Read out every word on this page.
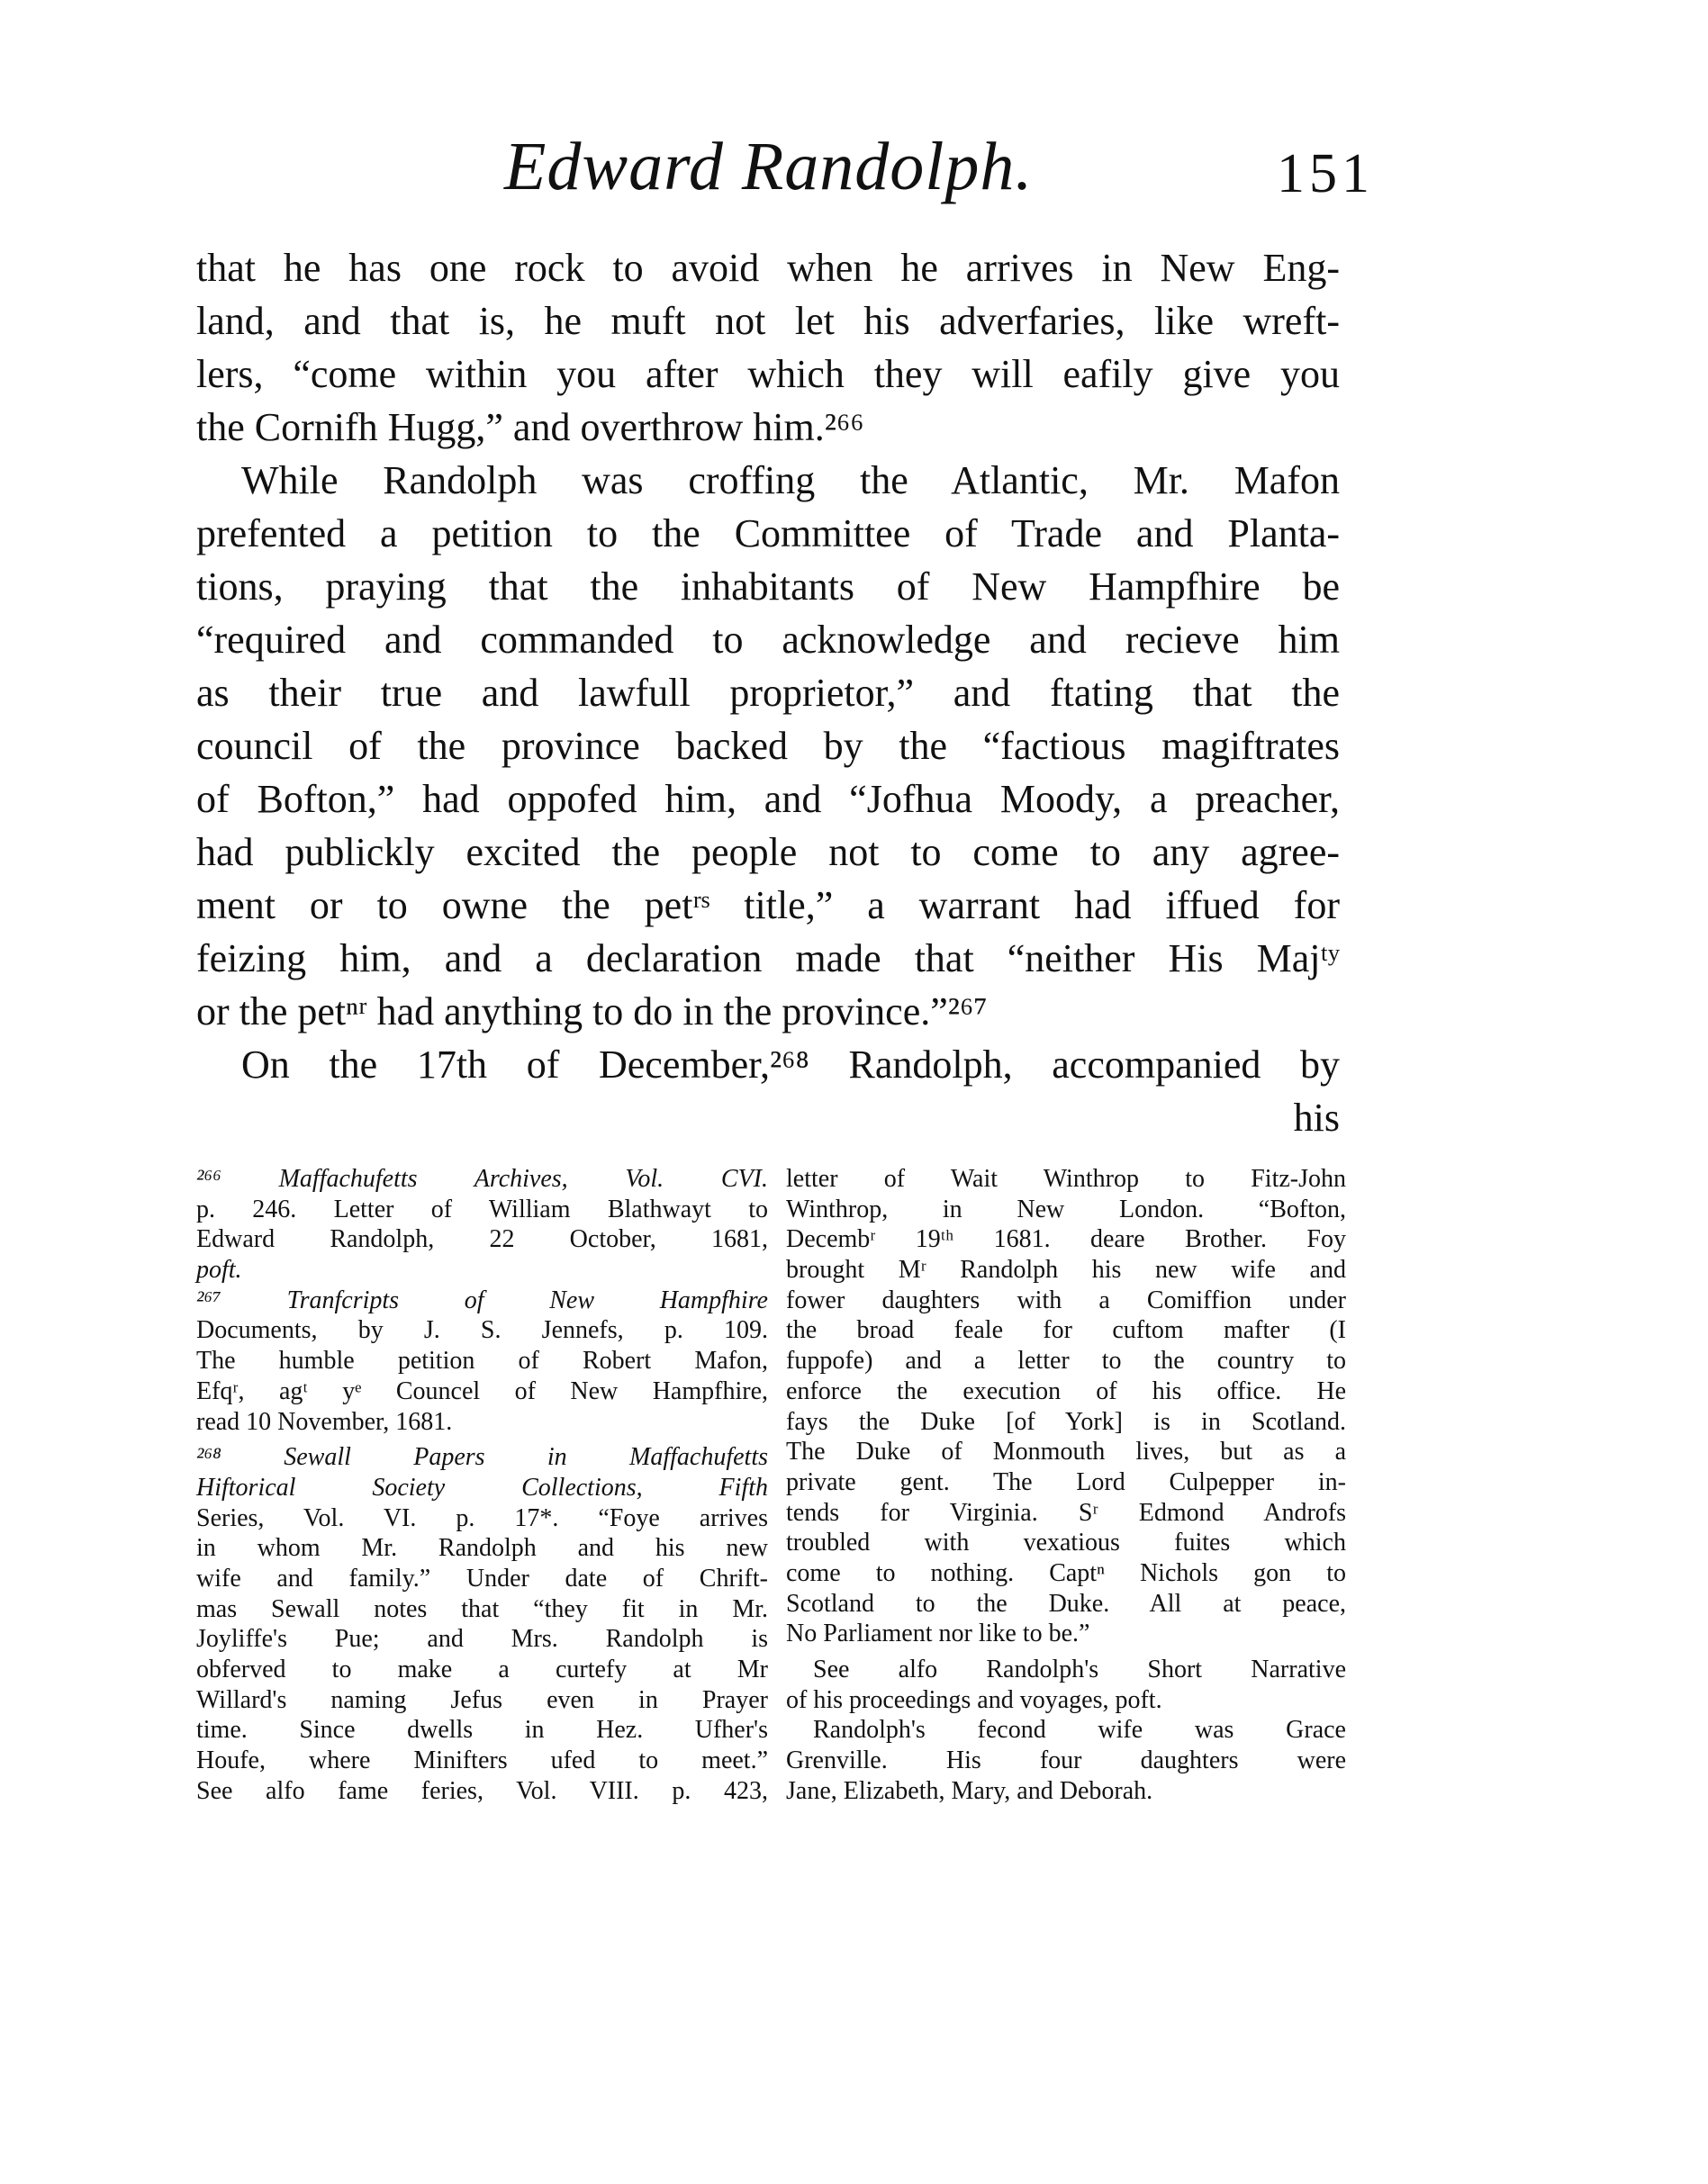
Edward Randolph.	151
that he has one rock to avoid when he arrives in New Eng-
land, and that is, he muft not let his adverfaries, like wreft-
lers, “come within you after which they will eafily give you
the Cornifh Hugg,” and overthrow him.²⁶⁶
While Randolph was croffing the Atlantic, Mr. Mafon
prefented a petition to the Committee of Trade and Planta-
tions, praying that the inhabitants of New Hampfhire be
“required and commanded to acknowledge and recieve him
as their true and lawfull proprietor,” and ftating that the
council of the province backed by the “factious magiftrates
of Bofton,” had oppofed him, and “Jofhua Moody, a preacher,
had publickly excited the people not to come to any agree-
ment or to owne the petʳˢ title,” a warrant had iffued for
feizing him, and a declaration made that “neither His Majᵗʸ
or the petⁿʳ had anything to do in the province.”²⁶⁷
On the 17th of December,²⁶⁸ Randolph, accompanied by
his
²⁶⁶ Maffachufetts Archives, Vol. CVI.
p. 246. Letter of William Blathwayt to
Edward Randolph, 22 October, 1681,
poft.
²⁶⁷ Tranfcripts of New Hampfhire
Documents, by J. S. Jennefs, p. 109.
The humble petition of Robert Mafon,
Efqʳ, agᵗ yᵉ Councel of New Hampfhire,
read 10 November, 1681.
²⁶⁸ Sewall Papers in Maffachufetts
Hiftorical Society Collections, Fifth
Series, Vol. VI. p. 17*. “Foye arrives
in whom Mr. Randolph and his new
wife and family.” Under date of Chrift-
mas Sewall notes that “they fit in Mr.
Joyliffe's Pue; and Mrs. Randolph is
obferved to make a curtefy at Mr
Willard's naming Jefus even in Prayer
time. Since dwells in Hez. Ufher's
Houfe, where Minifters ufed to meet.”
See alfo fame feries, Vol. VIII. p. 423,
letter of Wait Winthrop to Fitz-John
Winthrop, in New London. “Bofton,
Decembʳ 19ᵗʰ 1681. deare Brother. Foy
brought Mʳ Randolph his new wife and
fower daughters with a Comiffion under
the broad feale for cuftom mafter (I
fuppofe) and a letter to the country to
enforce the execution of his office. He
fays the Duke [of York] is in Scotland.
The Duke of Monmouth lives, but as a
private gent. The Lord Culpepper in-
tends for Virginia. Sʳ Edmond Androfs
troubled with vexatious fuites which
come to nothing. Captⁿ Nichols gon to
Scotland to the Duke. All at peace,
No Parliament nor like to be.”
See alfo Randolph's Short Narrative
of his proceedings and voyages, poft.
Randolph's fecond wife was Grace
Grenville. His four daughters were
Jane, Elizabeth, Mary, and Deborah.
